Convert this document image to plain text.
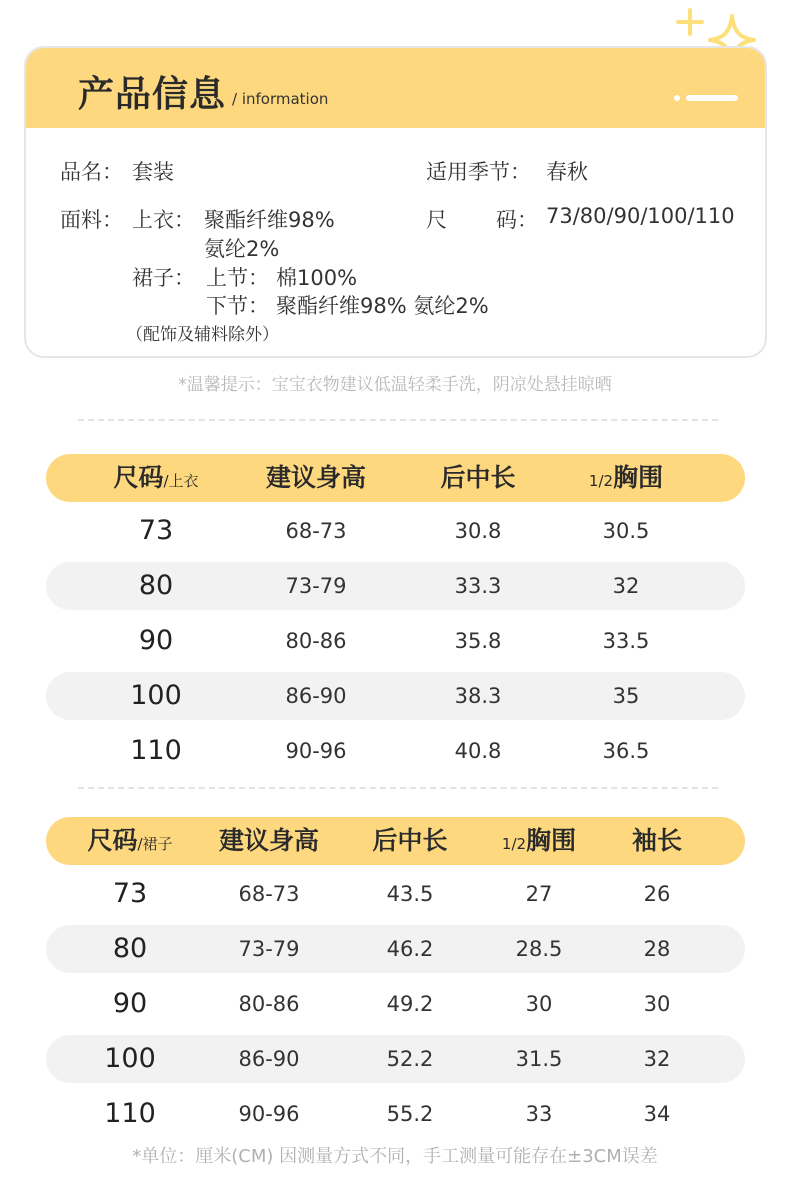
产品信息 / information
品名： 套装	适用季节： 春秋
面料： 上衣： 聚酯纤维98%
氨纶2%
裙子： 上节： 棉100%
下节： 聚酯纤维98% 氨纶2%
（配饰及辅料除外）
尺 码： 73/80/90/100/110
*温馨提示：宝宝衣物建议低温轻柔手洗，阴凉处悬挂晾晒
尺码/上衣	建议身高	后中长	1/2胸围
73	68-73	30.8	30.5
80	73-79	33.3	32
90	80-86	35.8	33.5
100	86-90	38.3	35
110	90-96	40.8	36.5
尺码/裙子 建议身高 后中长	1/2胸围 袖长
73	68-73	43.5	27	26
80	73-79	46.2	28.5	28
90	80-86	49.2	30	30
100	86-90	52.2	31.5	32
110	90-96	55.2	33	34
*单位：厘米(CM) 因测量方式不同，手工测量可能存在±3CM误差
